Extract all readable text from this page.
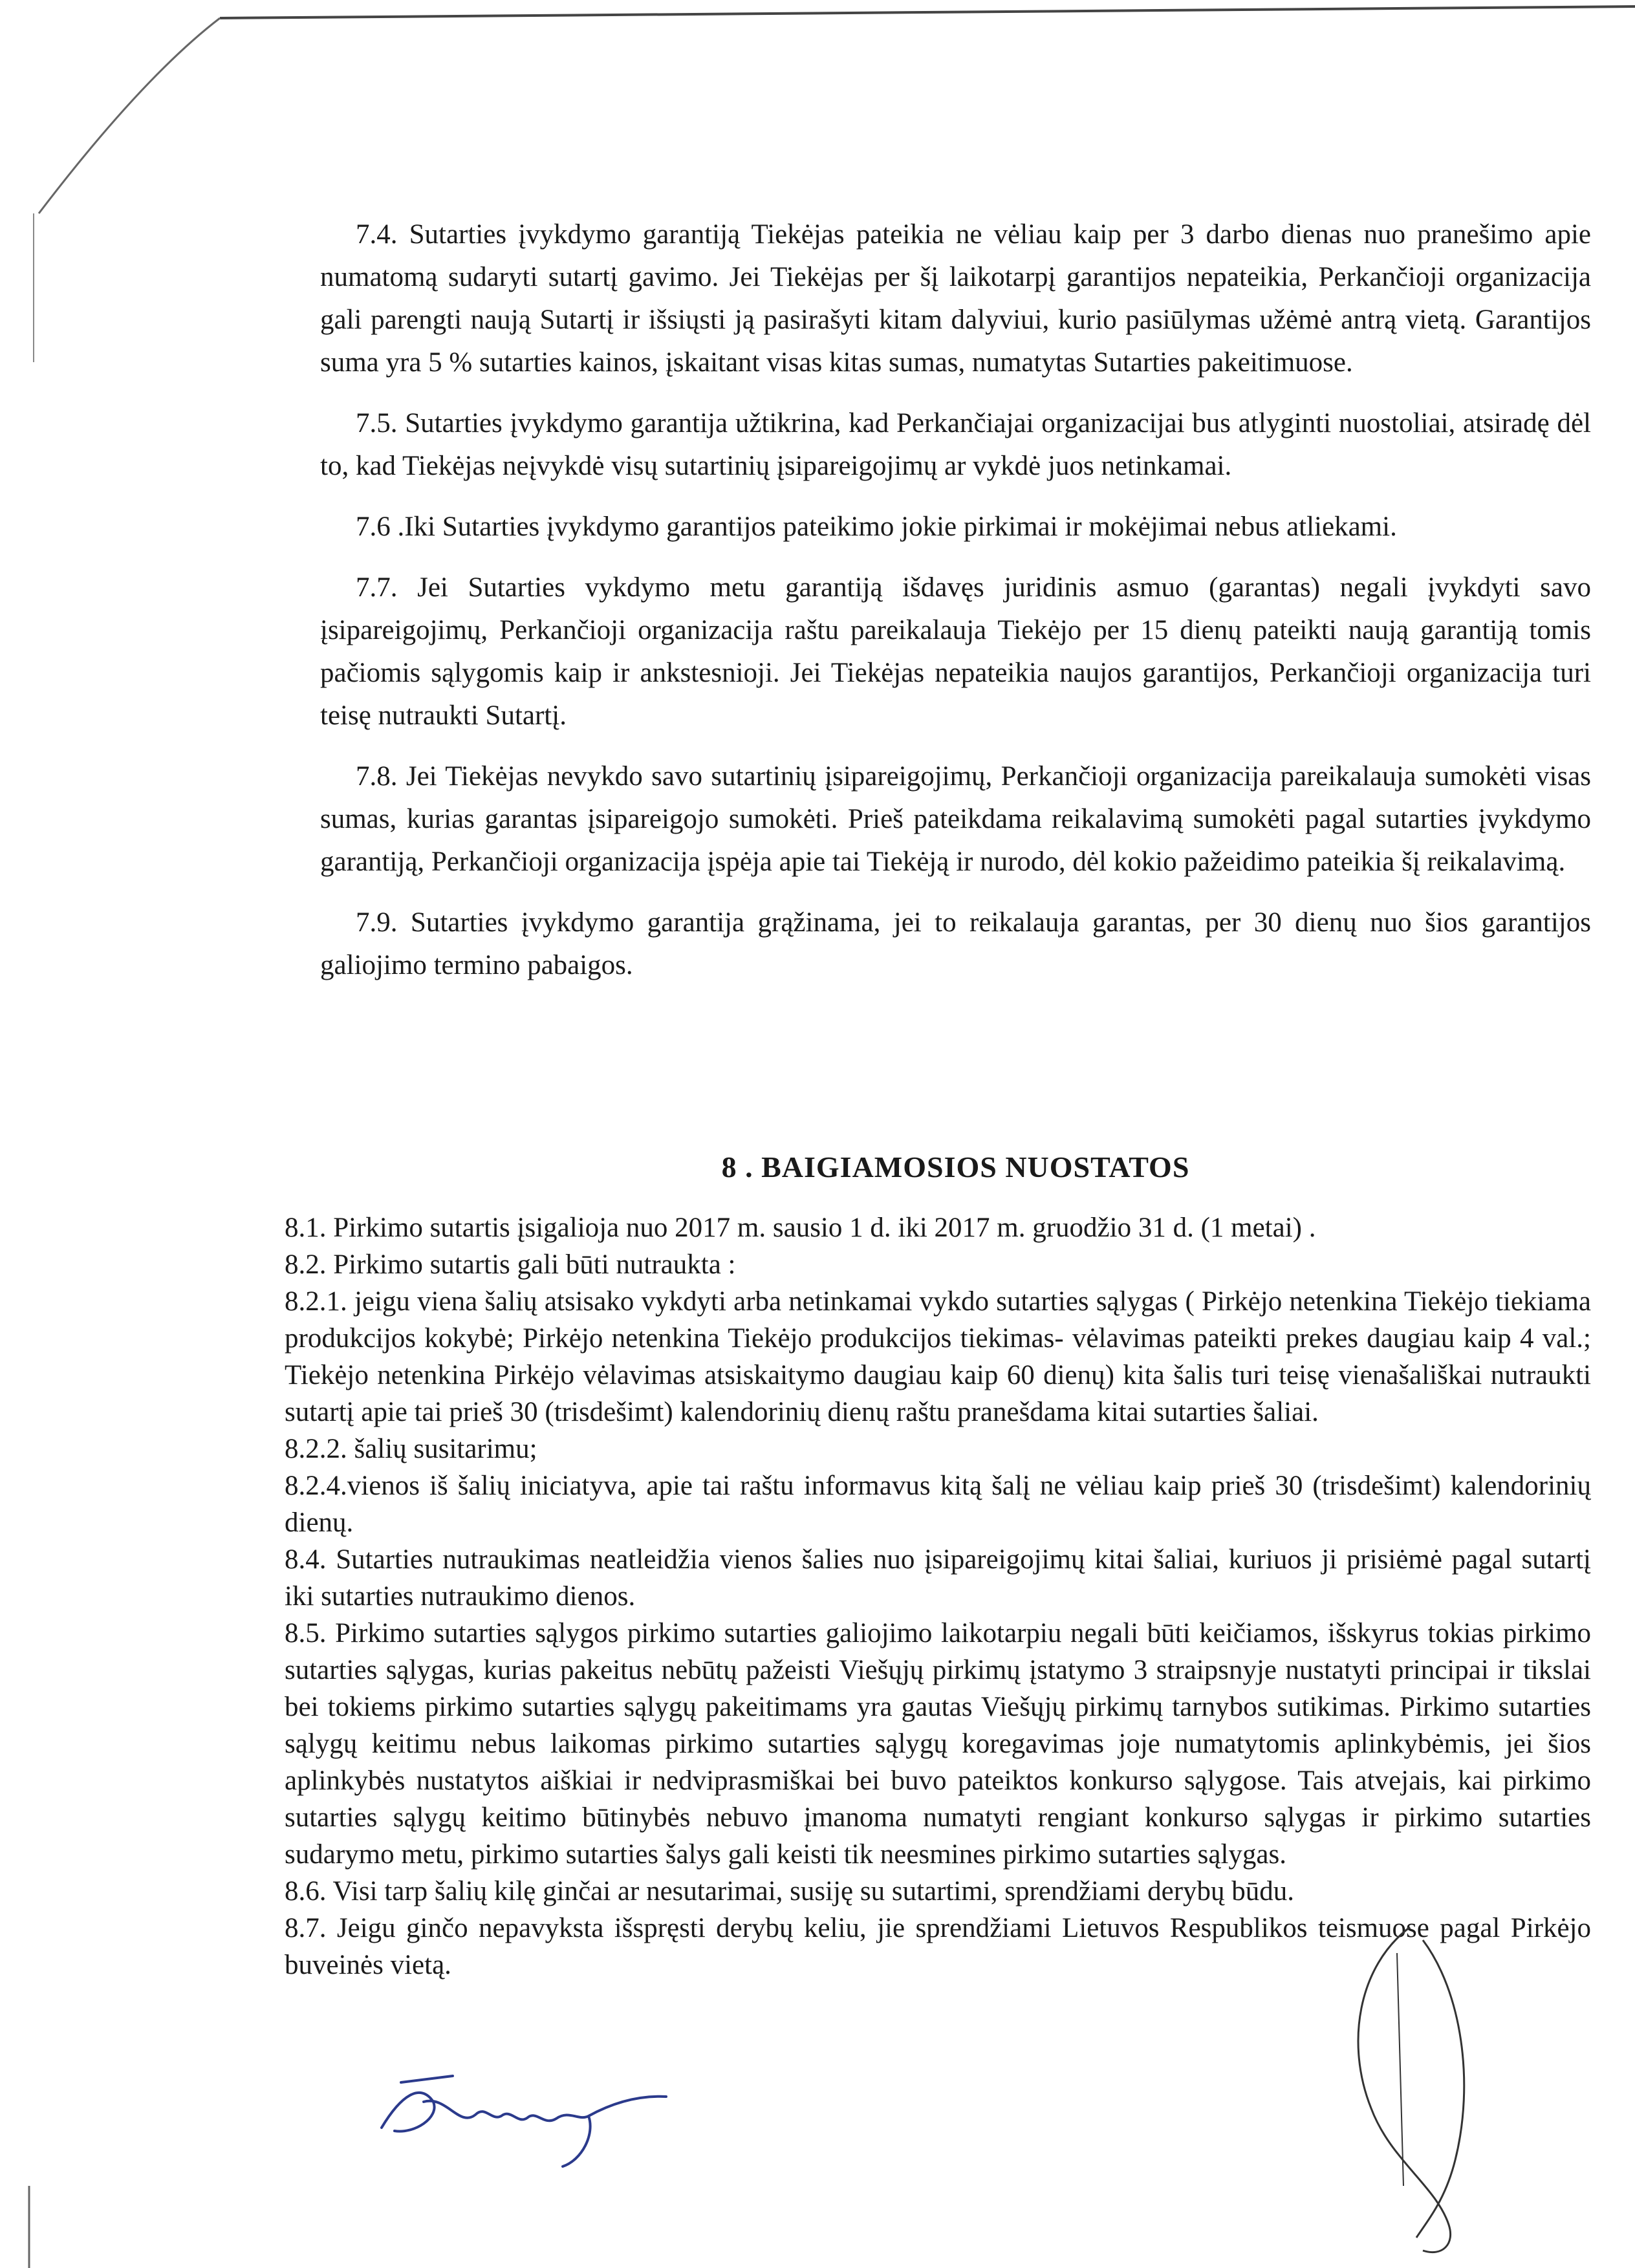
7.4. Sutarties įvykdymo garantiją Tiekėjas pateikia ne vėliau kaip per 3 darbo dienas nuo pranešimo apie numatomą sudaryti sutartį gavimo. Jei Tiekėjas per šį laikotarpį garantijos nepateikia, Perkančioji organizacija gali parengti naują Sutartį ir išsiųsti ją pasirašyti kitam dalyviui, kurio pasiūlymas užėmė antrą vietą. Garantijos suma yra 5 % sutarties kainos, įskaitant visas kitas sumas, numatytas Sutarties pakeitimuose.

7.5. Sutarties įvykdymo garantija užtikrina, kad Perkančiajai organizacijai bus atlyginti nuostoliai, atsiradę dėl to, kad Tiekėjas neįvykdė visų sutartinių įsipareigojimų ar vykdė juos netinkamai.

7.6 .Iki Sutarties įvykdymo garantijos pateikimo jokie pirkimai ir mokėjimai nebus atliekami.

7.7. Jei Sutarties vykdymo metu garantiją išdavęs juridinis asmuo (garantas) negali įvykdyti savo įsipareigojimų, Perkančioji organizacija raštu pareikalauja Tiekėjo per 15 dienų pateikti naują garantiją tomis pačiomis sąlygomis kaip ir ankstesnioji. Jei Tiekėjas nepateikia naujos garantijos, Perkančioji organizacija turi teisę nutraukti Sutartį.

7.8. Jei Tiekėjas nevykdo savo sutartinių įsipareigojimų, Perkančioji organizacija pareikalauja sumokėti visas sumas, kurias garantas įsipareigojo sumokėti. Prieš pateikdama reikalavimą sumokėti pagal sutarties įvykdymo garantiją, Perkančioji organizacija įspėja apie tai Tiekėją ir nurodo, dėl kokio pažeidimo pateikia šį reikalavimą.

7.9. Sutarties įvykdymo garantija grąžinama, jei to reikalauja garantas, per 30 dienų nuo šios garantijos galiojimo termino pabaigos.

8 . BAIGIAMOSIOS NUOSTATOS

8.1. Pirkimo sutartis įsigalioja nuo 2017 m. sausio 1 d. iki 2017 m. gruodžio 31 d. (1 metai) .

8.2. Pirkimo sutartis gali būti nutraukta :

8.2.1. jeigu viena šalių atsisako vykdyti arba netinkamai vykdo sutarties sąlygas ( Pirkėjo netenkina Tiekėjo tiekiama produkcijos kokybė; Pirkėjo netenkina Tiekėjo produkcijos tiekimas- vėlavimas pateikti prekes daugiau kaip 4 val.; Tiekėjo netenkina Pirkėjo vėlavimas atsiskaitymo daugiau kaip 60 dienų) kita šalis turi teisę vienašališkai nutraukti sutartį apie tai prieš 30 (trisdešimt) kalendorinių dienų raštu pranešdama kitai sutarties šaliai.

8.2.2. šalių susitarimu;

8.2.4.vienos iš šalių iniciatyva, apie tai raštu informavus kitą šalį ne vėliau kaip prieš 30 (trisdešimt) kalendorinių dienų.

8.4. Sutarties nutraukimas neatleidžia vienos šalies nuo įsipareigojimų kitai šaliai, kuriuos ji prisiėmė pagal sutartį iki sutarties nutraukimo dienos.

8.5. Pirkimo sutarties sąlygos pirkimo sutarties galiojimo laikotarpiu negali būti keičiamos, išskyrus tokias pirkimo sutarties sąlygas, kurias pakeitus nebūtų pažeisti Viešųjų pirkimų įstatymo 3 straipsnyje nustatyti principai ir tikslai bei tokiems pirkimo sutarties sąlygų pakeitimams yra gautas Viešųjų pirkimų tarnybos sutikimas. Pirkimo sutarties sąlygų keitimu nebus laikomas pirkimo sutarties sąlygų koregavimas joje numatytomis aplinkybėmis, jei šios aplinkybės nustatytos aiškiai ir nedviprasmiškai bei buvo pateiktos konkurso sąlygose. Tais atvejais, kai pirkimo sutarties sąlygų keitimo būtinybės nebuvo įmanoma numatyti rengiant konkurso sąlygas ir pirkimo sutarties sudarymo metu, pirkimo sutarties šalys gali keisti tik neesmines pirkimo sutarties sąlygas.

8.6. Visi tarp šalių kilę ginčai ar nesutarimai, susiję su sutartimi, sprendžiami derybų būdu.

8.7. Jeigu ginčo nepavyksta išspręsti derybų keliu, jie sprendžiami Lietuvos Respublikos teismuose pagal Pirkėjo buveinės vietą.
